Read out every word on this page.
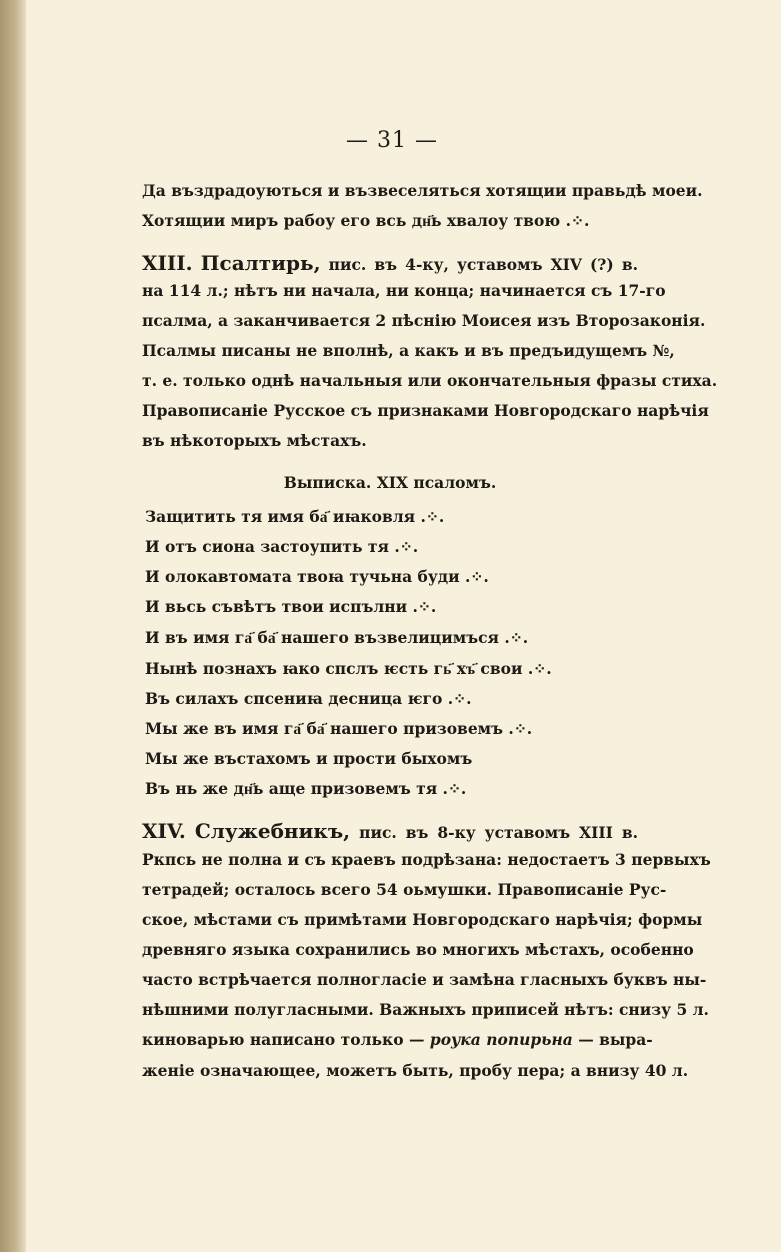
— 31 —
Да въздрадоуються и възвеселяться хотящии правьдѣ моеи.
Хотящии миръ рабоу его всь дн҃ь хвалоу твою .⁘.
XIII. Псалтирь, пис. въ 4-ку, уставомъ XIV (?) в.
на 114 л.; нѣтъ ни начала, ни конца; начинается съ 17-го
псалма, а заканчивается 2 пѣснію Моисея изъ Второзаконія.
Псалмы писаны не вполнѣ, а какъ и въ предъидущемъ №,
т. е. только однѣ начальныя или окончательныя фразы стиха.
Правописаніе Русское съ признаками Новгородскаго нарѣчія
въ нѣкоторыхъ мѣстахъ.
Выписка. XIX псаломъ.
Защитить тя имя ба҃ иꙗковля .⁘.
И отъ сиона застоупить тя .⁘.
И олокавтомата твоꙗ тучьна буди .⁘.
И вьсь съвѣтъ твои испълни .⁘.
И въ имя га҃ ба҃ нашего възвелицимъся .⁘.
Нынѣ познахъ ꙗко спслъ ѥсть гь҃ хъ҃ свои .⁘.
Въ силахъ спсениꙗ десница ѥго .⁘.
Мы же въ имя га҃ ба҃ нашего призовемъ .⁘.
Мы же въстахомъ и прости быхомъ
Въ нь же дн҃ь аще призовемъ тя .⁘.
XIV. Служебникъ, пис. въ 8-ку уставомъ XIII в.
Ркпсь не полна и съ краевъ подрѣзана: недостаетъ 3 первыхъ
тетрадей; осталось всего 54 оьмушки. Правописаніе Рус-
ское, мѣстами съ примѣтами Новгородскаго нарѣчія; формы
древняго языка сохранились во многихъ мѣстахъ, особенно
часто встрѣчается полногласіе и замѣна гласныхъ буквъ ны-
нѣшними полугласными. Важныхъ приписей нѣтъ: снизу 5 л.
киноварью написано только — роука попирьна — выра-
женіе означающее, можетъ быть, пробу пера; а внизу 40 л.
